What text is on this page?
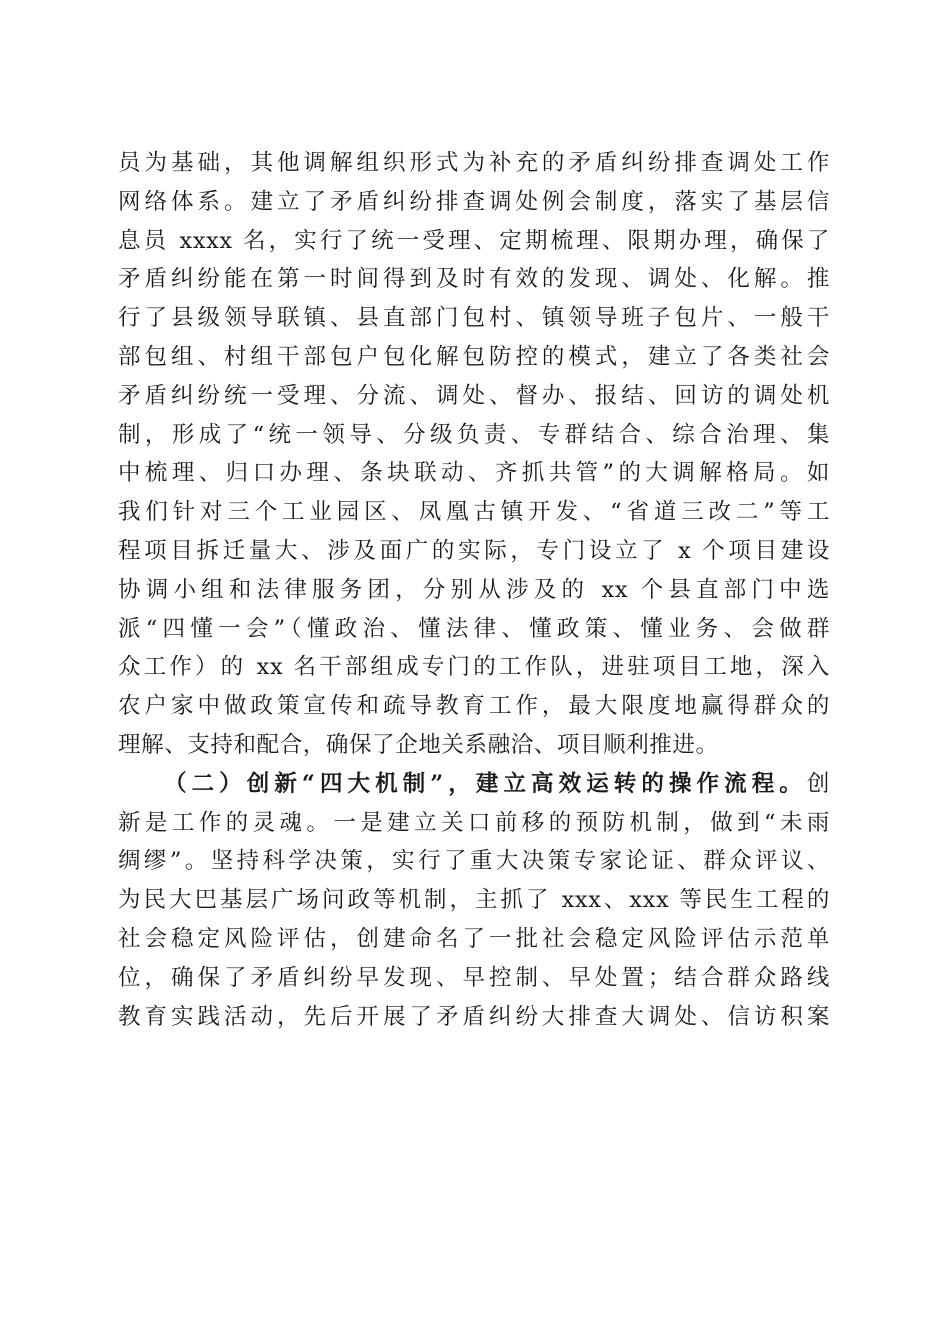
员为基础，其他调解组织形式为补充的矛盾纠纷排查调处工作
网络体系。建立了矛盾纠纷排查调处例会制度，落实了基层信
息员 xxxx 名，实行了统一受理、定期梳理、限期办理，确保了
矛盾纠纷能在第一时间得到及时有效的发现、调处、化解。推
行了县级领导联镇、县直部门包村、镇领导班子包片、一般干
部包组、村组干部包户包化解包防控的模式，建立了各类社会
矛盾纠纷统一受理、分流、调处、督办、报结、回访的调处机
制，形成了“统一领导、分级负责、专群结合、综合治理、集
中梳理、归口办理、条块联动、齐抓共管”的大调解格局。如
我们针对三个工业园区、凤凰古镇开发、“省道三改二”等工
程项目拆迁量大、涉及面广的实际，专门设立了 x 个项目建设
协调小组和法律服务团，分别从涉及的 xx 个县直部门中选
派“四懂一会”（懂政治、懂法律、懂政策、懂业务、会做群
众工作）的 xx 名干部组成专门的工作队，进驻项目工地，深入
农户家中做政策宣传和疏导教育工作，最大限度地赢得群众的
理解、支持和配合，确保了企地关系融洽、项目顺利推进。
（二）创新“四大机制”，建立高效运转的操作流程。创
新是工作的灵魂。一是建立关口前移的预防机制，做到“未雨
绸缪”。坚持科学决策，实行了重大决策专家论证、群众评议、
为民大巴基层广场问政等机制，主抓了 xxx、xxx 等民生工程的
社会稳定风险评估，创建命名了一批社会稳定风险评估示范单
位，确保了矛盾纠纷早发现、早控制、早处置；结合群众路线
教育实践活动，先后开展了矛盾纠纷大排查大调处、信访积案
